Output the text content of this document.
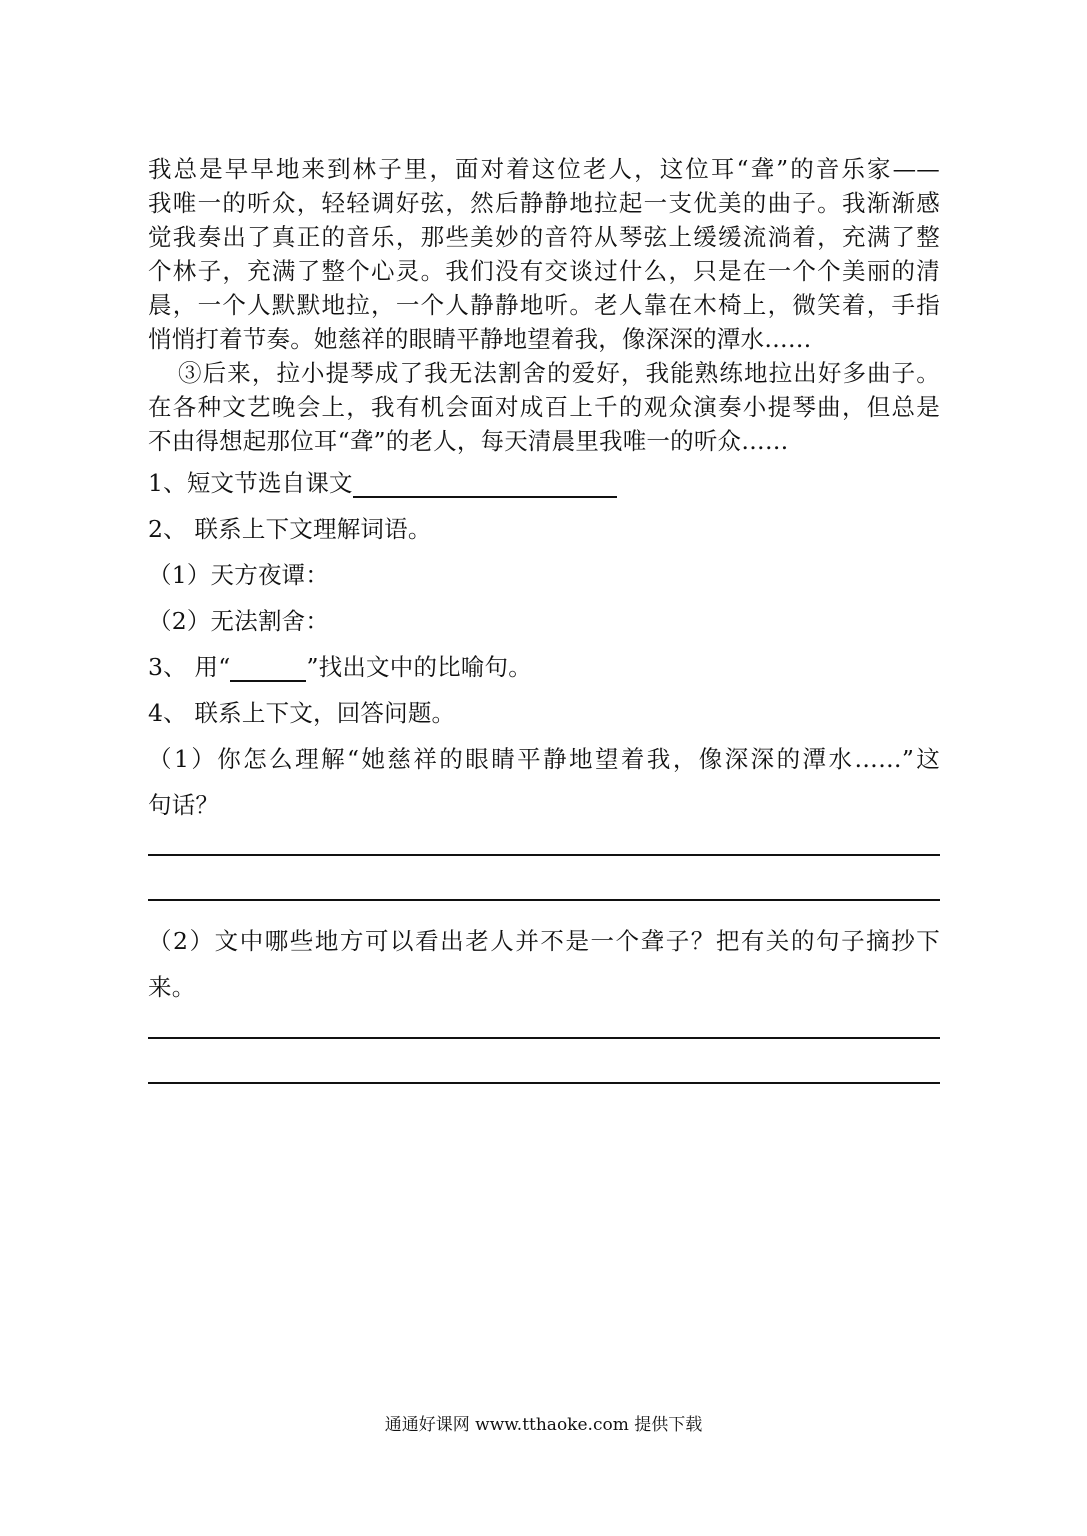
我总是早早地来到林子里，面对着这位老人，这位耳“聋”的音乐家——
我唯一的听众，轻轻调好弦，然后静静地拉起一支优美的曲子。我渐渐感
觉我奏出了真正的音乐，那些美妙的音符从琴弦上缓缓流淌着，充满了整
个林子，充满了整个心灵。我们没有交谈过什么，只是在一个个美丽的清
晨，一个人默默地拉，一个人静静地听。老人靠在木椅上，微笑着，手指
悄悄打着节奏。她慈祥的眼睛平静地望着我，像深深的潭水……
③后来，拉小提琴成了我无法割舍的爱好，我能熟练地拉出好多曲子。
在各种文艺晚会上，我有机会面对成百上千的观众演奏小提琴曲，但总是
不由得想起那位耳“聋”的老人，每天清晨里我唯一的听众……
1、短文节选自课文
2、 联系上下文理解词语。
（1）天方夜谭：
（2）无法割舍：
3、 用“	”找出文中的比喻句。
4、 联系上下文，回答问题。
（1）你怎么理解“她慈祥的眼睛平静地望着我，像深深的潭水……”这
句话？
（2）文中哪些地方可以看出老人并不是一个聋子？把有关的句子摘抄下
来。
通通好课网 www.tthaoke.com 提供下载
